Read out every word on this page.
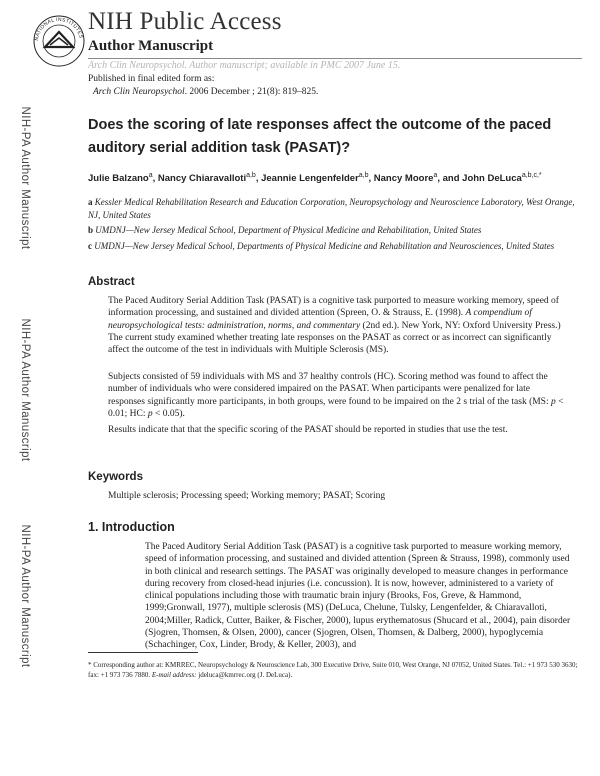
NATIONAL INSTITUTES
NIH Public Access
Author Manuscript
Arch Clin Neuropsychol. Author manuscript; available in PMC 2007 June 15.
NIH-PA Author Manuscript
NIH-PA Author Manuscript
NIH-PA Author Manuscript
Published in final edited form as:
Arch Clin Neuropsychol. 2006 December ; 21(8): 819–825.
Does the scoring of late responses affect the outcome of the paced auditory serial addition task (PASAT)?

Julie Balzano$^a$, Nancy Chiaravalloti$^{a,b}$, Jeannie Lengenfelder$^{a,b}$, Nancy Moore$^a$, and John DeLuca$^{a,b,c,*}$

a Kessler Medical Rehabilitation Research and Education Corporation, Neuropsychology and Neuroscience Laboratory, West Orange, NJ, United States

b UMDNJ—New Jersey Medical School, Department of Physical Medicine and Rehabilitation, United States

c UMDNJ—New Jersey Medical School, Departments of Physical Medicine and Rehabilitation and Neurosciences, United States

Abstract

The Paced Auditory Serial Addition Task (PASAT) is a cognitive task purported to measure working memory, speed of information processing, and sustained and divided attention (Spreen, O. & Strauss, E. (1998). A compendium of neuropsychological tests: administration, norms, and commentary (2nd ed.). New York, NY: Oxford University Press.) The current study examined whether treating late responses on the PASAT as correct or as incorrect can significantly affect the outcome of the test in individuals with Multiple Sclerosis (MS).

Subjects consisted of 59 individuals with MS and 37 healthy controls (HC). Scoring method was found to affect the number of individuals who were considered impaired on the PASAT. When participants were penalized for late responses significantly more participants, in both groups, were found to be impaired on the 2 s trial of the task (MS: p < 0.01; HC: p < 0.05).

Results indicate that that the specific scoring of the PASAT should be reported in studies that use the test.

Keywords

Multiple sclerosis; Processing speed; Working memory; PASAT; Scoring

1. Introduction

The Paced Auditory Serial Addition Task (PASAT) is a cognitive task purported to measure working memory, speed of information processing, and sustained and divided attention (Spreen & Strauss, 1998), commonly used in both clinical and research settings. The PASAT was originally developed to measure changes in performance during recovery from closed-head injuries (i.e. concussion). It is now, however, administered to a variety of clinical populations including those with traumatic brain injury (Brooks, Fos, Greve, & Hammond, 1999;Gronwall, 1977), multiple sclerosis (MS) (DeLuca, Chelune, Tulsky, Lengenfelder, & Chiaravalloti, 2004;Miller, Radick, Cutter, Baiker, & Fischer, 2000), lupus erythematosus (Shucard et al., 2004), pain disorder (Sjogren, Thomsen, & Olsen, 2000), cancer (Sjogren, Olsen, Thomsen, & Dalberg, 2000), hypoglycemia (Schachinger, Cox, Linder, Brody, & Keller, 2003), and

* Corresponding author at: KMRREC, Neuropsychology & Neuroscience Lab, 300 Executive Drive, Suite 010, West Orange, NJ 07052, United States. Tel.: +1 973 530 3630; fax: +1 973 736 7880. E-mail address: jdeluca@kmrrec.org (J. DeLuca).
